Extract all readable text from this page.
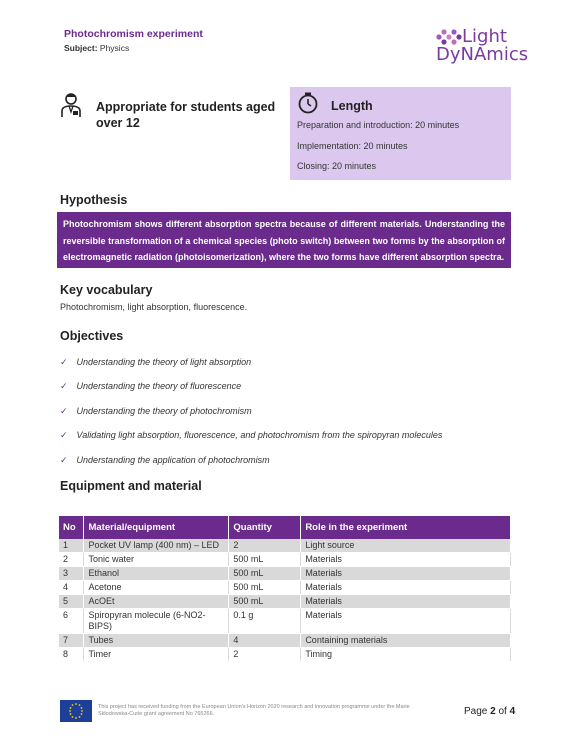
Photochromism experiment
Subject: Physics
Light
DyNAmics
Appropriate for students aged over 12
Length
Preparation and introduction: 20 minutes
Implementation: 20 minutes
Closing: 20 minutes
Hypothesis
Photochromism shows different absorption spectra because of different materials. Understanding the reversible transformation of a chemical species (photo switch) between two forms by the absorption of electromagnetic radiation (photoisomerization), where the two forms have different absorption spectra.
Key vocabulary
Photochromism, light absorption, fluorescence.
Objectives
✓ Understanding the theory of light absorption
✓ Understanding the theory of fluorescence
✓ Understanding the theory of photochromism
✓ Validating light absorption, fluorescence, and photochromism from the spiropyran molecules
✓ Understanding the application of photochromism
Equipment and material
No	Material/equipment	Quantity	Role in the experiment
1	Pocket UV lamp (400 nm) – LED	2	Light source
2	Tonic water	500 mL	Materials
3	Ethanol	500 mL	Materials
4	Acetone	500 mL	Materials
5	AcOEt	500 mL	Materials
6	Spiropyran molecule (6-NO2-BIPS)	0.1 g	Materials
7	Tubes	4	Containing materials
8	Timer	2	Timing
This project has received funding from the European Union's Horizon 2020 research and innovation programme under the Marie Skłodowska-Curie grant agreement No 765266.	Page 2 of 4
